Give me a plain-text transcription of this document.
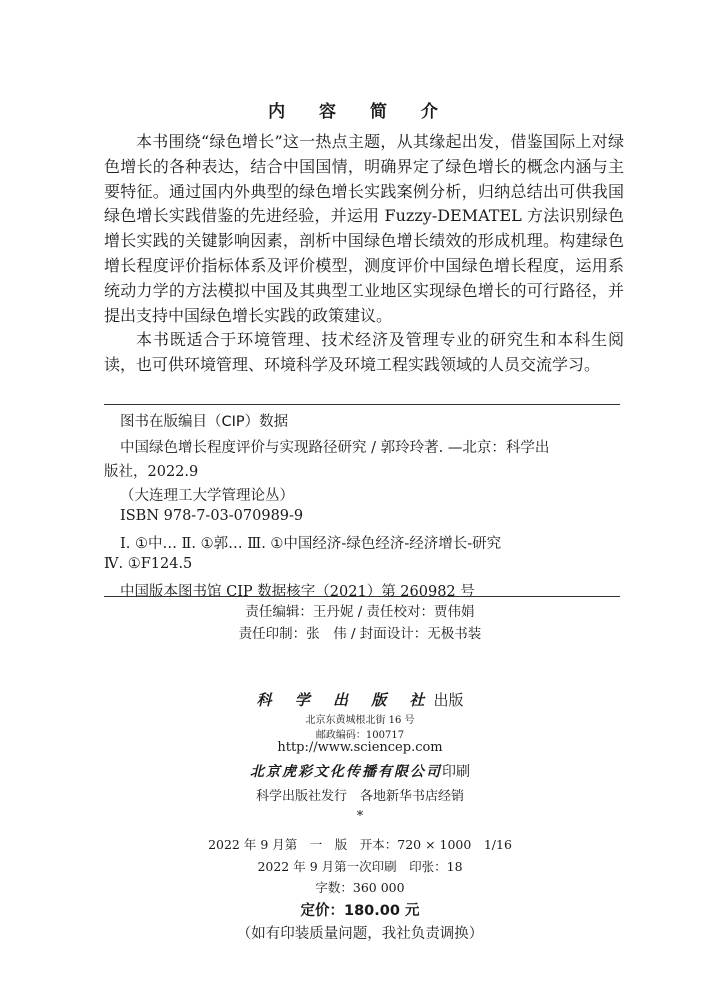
内 容 简 介

本书围绕“绿色增长”这一热点主题，从其缘起出发，借鉴国际上对绿色增长的各种表达，结合中国国情，明确界定了绿色增长的概念内涵与主要特征。通过国内外典型的绿色增长实践案例分析，归纳总结出可供我国绿色增长实践借鉴的先进经验，并运用 Fuzzy-DEMATEL 方法识别绿色增长实践的关键影响因素，剖析中国绿色增长绩效的形成机理。构建绿色增长程度评价指标体系及评价模型，测度评价中国绿色增长程度，运用系统动力学的方法模拟中国及其典型工业地区实现绿色增长的可行路径，并提出支持中国绿色增长实践的政策建议。

本书既适合于环境管理、技术经济及管理专业的研究生和本科生阅读，也可供环境管理、环境科学及环境工程实践领域的人员交流学习。

图书在版编目（CIP）数据
中国绿色增长程度评价与实现路径研究 / 郭玲玲著. —北京：科学出
版社，2022.9
（大连理工大学管理论丛）
ISBN 978-7-03-070989-9
Ⅰ. ①中… Ⅱ. ①郭… Ⅲ. ①中国经济-绿色经济-经济增长-研究
Ⅳ. ①F124.5
中国版本图书馆 CIP 数据核字（2021）第 260982 号
责任编辑：王丹妮 / 责任校对：贾伟娟
责任印制：张　伟 / 封面设计：无极书装
科 学 出 版 社出版
北京东黄城根北街 16 号
邮政编码：100717
http://www.sciencep.com
北京虎彩文化传播有限公司印刷
科学出版社发行　各地新华书店经销
*
2022 年 9 月第　一　版　开本：720 × 1000　1/16
2022 年 9 月第一次印刷　印张：18
字数：360 000
定价：180.00 元
（如有印装质量问题，我社负责调换）
